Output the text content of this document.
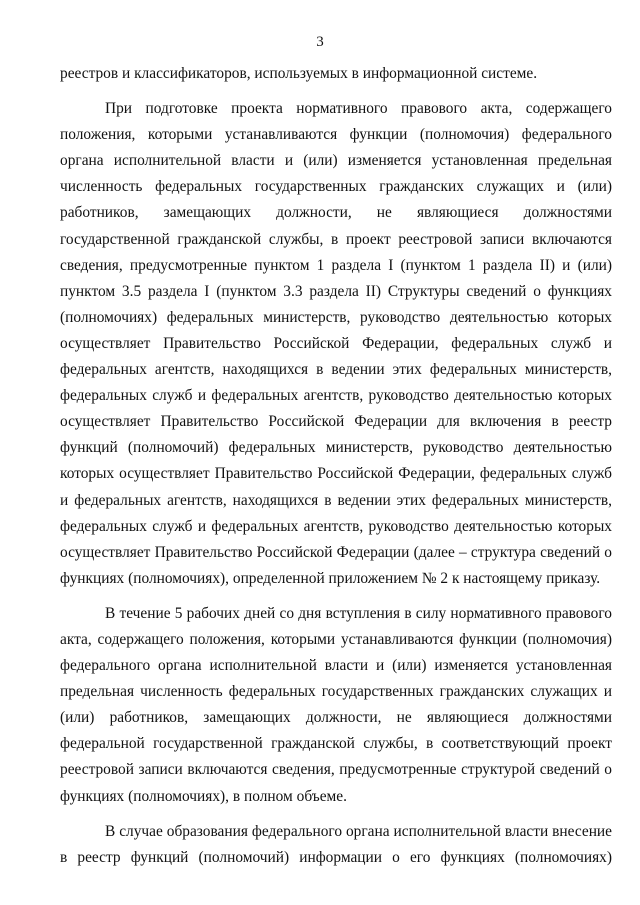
3

реестров и классификаторов, используемых в информационной системе.

При подготовке проекта нормативного правового акта, содержащего положения, которыми устанавливаются функции (полномочия) федерального органа исполнительной власти и (или) изменяется установленная предельная численность федеральных государственных гражданских служащих и (или) работников, замещающих должности, не являющиеся должностями государственной гражданской службы, в проект реестровой записи включаются сведения, предусмотренные пунктом 1 раздела I (пунктом 1 раздела II) и (или) пунктом 3.5 раздела I (пунктом 3.3 раздела II) Структуры сведений о функциях (полномочиях) федеральных министерств, руководство деятельностью которых осуществляет Правительство Российской Федерации, федеральных служб и федеральных агентств, находящихся в ведении этих федеральных министерств, федеральных служб и федеральных агентств, руководство деятельностью которых осуществляет Правительство Российской Федерации для включения в реестр функций (полномочий) федеральных министерств, руководство деятельностью которых осуществляет Правительство Российской Федерации, федеральных служб и федеральных агентств, находящихся в ведении этих федеральных министерств, федеральных служб и федеральных агентств, руководство деятельностью которых осуществляет Правительство Российской Федерации (далее – структура сведений о функциях (полномочиях), определенной приложением № 2 к настоящему приказу.

В течение 5 рабочих дней со дня вступления в силу нормативного правового акта, содержащего положения, которыми устанавливаются функции (полномочия) федерального органа исполнительной власти и (или) изменяется установленная предельная численность федеральных государственных гражданских служащих и (или) работников, замещающих должности, не являющиеся должностями федеральной государственной гражданской службы, в соответствующий проект реестровой записи включаются сведения, предусмотренные структурой сведений о функциях (полномочиях), в полном объеме.

В случае образования федерального органа исполнительной власти внесение в реестр функций (полномочий) информации о его функциях (полномочиях)
